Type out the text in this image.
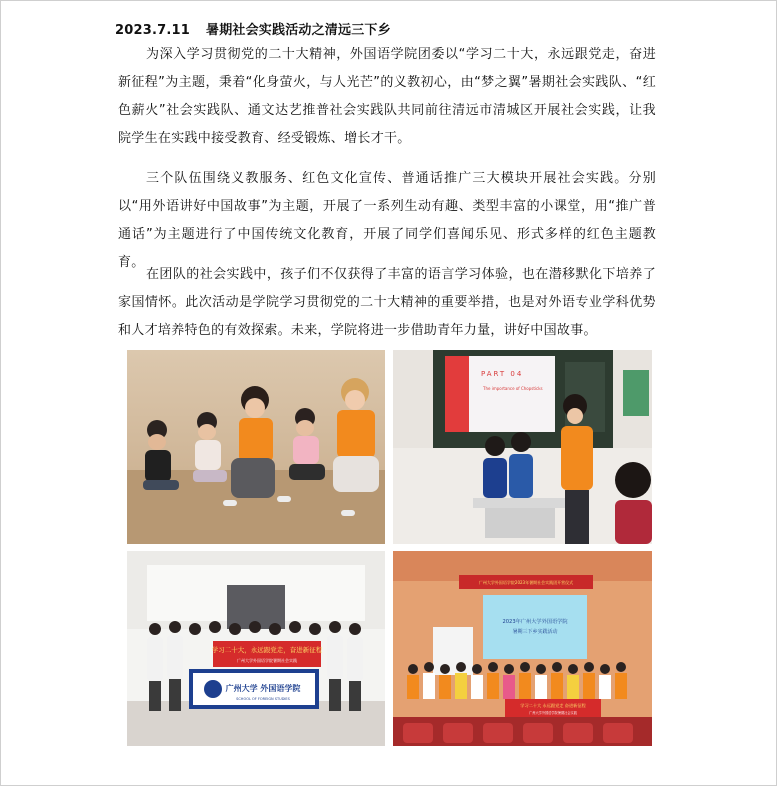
2023.7.11 暑期社会实践活动之清远三下乡

为深入学习贯彻党的二十大精神，外国语学院团委以“学习二十大，永远跟党走，奋进新征程”为主题，秉着“化身萤火，与人光芒”的义教初心，由“梦之翼”暑期社会实践队、“红色薪火”社会实践队、通文达艺推普社会实践队共同前往清远市清城区开展社会实践，让我院学生在实践中接受教育、经受锻炼、增长才干。

三个队伍围绕义教服务、红色文化宣传、普通话推广三大模块开展社会实践。分别以“用外语讲好中国故事”为主题，开展了一系列生动有趣、类型丰富的小课堂，用“推广普通话”为主题进行了中国传统文化教育，开展了同学们喜闻乐见、形式多样的红色主题教育。

在团队的社会实践中，孩子们不仅获得了丰富的语言学习体验，也在潜移默化下培养了家国情怀。此次活动是学院学习贯彻党的二十大精神的重要举措，也是对外语专业学科优势和人才培养特色的有效探索。未来，学院将进一步借助青年力量，讲好中国故事。

PART 04
The importance of Chopsticks
学习二十大，永远跟党走，奋进新征程
广州大学外国语学院暑期社会实践
广州大学 外国语学院
SCHOOL OF FOREIGN STUDIES
广州大学外国语学院2023年暑期社会实践团开营仪式
2023年广州大学外国语学院
暑期三下乡实践活动
学习二十大 永远跟党走 奋进新征程
广州大学外国语学院暑期社会实践
